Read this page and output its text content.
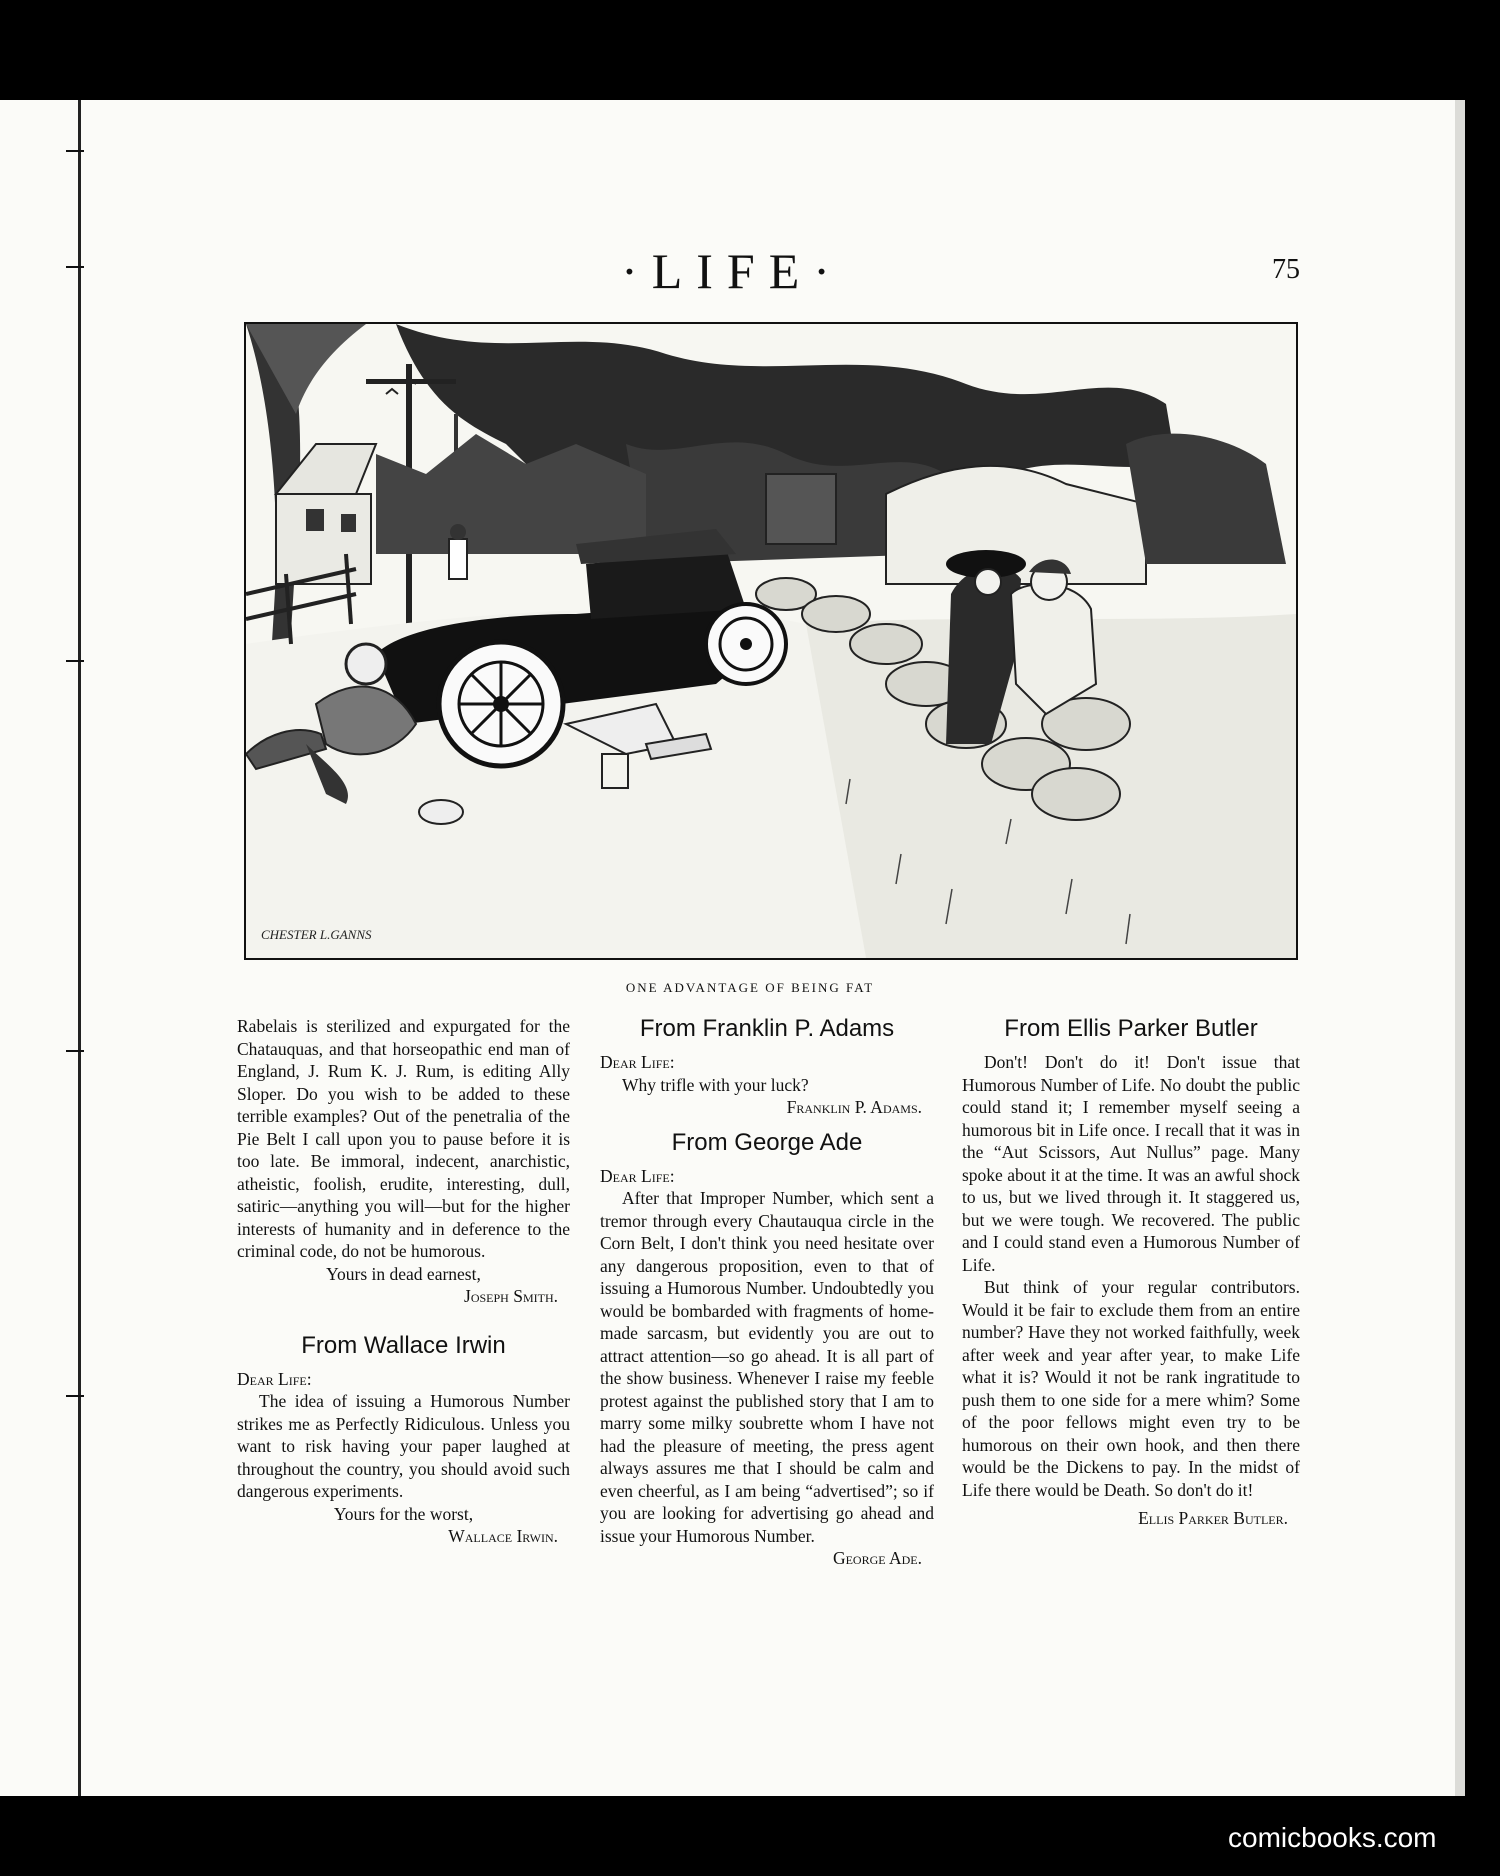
·LIFE·	75
CHESTER L.GANNS
ONE ADVANTAGE OF BEING FAT

Rabelais is sterilized and expurgated for the Chatauquas, and that horseopathic end man of England, J. Rum K. J. Rum, is editing Ally Sloper. Do you wish to be added to these terrible examples? Out of the penetralia of the Pie Belt I call upon you to pause before it is too late. Be immoral, indecent, anarchistic, atheistic, foolish, erudite, interesting, dull, satiric—anything you will—but for the higher interests of humanity and in deference to the criminal code, do not be humorous.

Yours in dead earnest,

Joseph Smith.

From Wallace Irwin

Dear Life:

The idea of issuing a Humorous Number strikes me as Perfectly Ridiculous. Unless you want to risk having your paper laughed at throughout the country, you should avoid such dangerous experiments.

Yours for the worst,

Wallace Irwin.

From Franklin P. Adams

Dear Life:

Why trifle with your luck?

Franklin P. Adams.

From George Ade

Dear Life:

After that Improper Number, which sent a tremor through every Chautauqua circle in the Corn Belt, I don't think you need hesitate over any dangerous proposition, even to that of issuing a Humorous Number. Undoubtedly you would be bombarded with fragments of home-made sarcasm, but evidently you are out to attract attention—so go ahead. It is all part of the show business. Whenever I raise my feeble protest against the published story that I am to marry some milky soubrette whom I have not had the pleasure of meeting, the press agent always assures me that I should be calm and even cheerful, as I am being “advertised”; so if you are looking for advertising go ahead and issue your Humorous Number.

George Ade.

From Ellis Parker Butler

Don't! Don't do it! Don't issue that Humorous Number of Life. No doubt the public could stand it; I remember myself seeing a humorous bit in Life once. I recall that it was in the “Aut Scissors, Aut Nullus” page. Many spoke about it at the time. It was an awful shock to us, but we lived through it. It staggered us, but we were tough. We recovered. The public and I could stand even a Humorous Number of Life.

But think of your regular contributors. Would it be fair to exclude them from an entire number? Have they not worked faithfully, week after week and year after year, to make Life what it is? Would it not be rank ingratitude to push them to one side for a mere whim? Some of the poor fellows might even try to be humorous on their own hook, and then there would be the Dickens to pay. In the midst of Life there would be Death. So don't do it!

Ellis Parker Butler.

comicbooks.com
